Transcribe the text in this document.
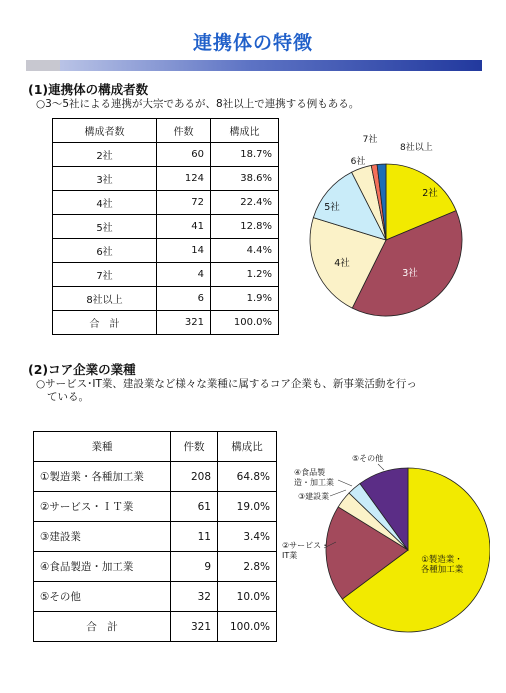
連携体の特徴
(1)連携体の構成者数
○3～5社による連携が大宗であるが、8社以上で連携する例もある。
構成者数	件数	構成比
2社	60	18.7%
3社	124	38.6%
4社	72	22.4%
5社	41	12.8%
6社	14	4.4%
7社	4	1.2%
8社以上	6	1.9%
合　計	321	100.0%
2社
3社
4社
5社
6社
7社
8社以上
(2)コア企業の業種
○サービス･IT業、建設業など様々な業種に属するコア企業も、新事業活動を行っ
ている。
業種	件数	構成比
①製造業・各種加工業	208	64.8%
②サービス・ＩＴ業	61	19.0%
③建設業	11	3.4%
④食品製造・加工業	9	2.8%
⑤その他	32	10.0%
合　計	321	100.0%
①製造業・
各種加工業
②サービス・
IT業
③建設業
④食品製
造・加工業
⑤その他
